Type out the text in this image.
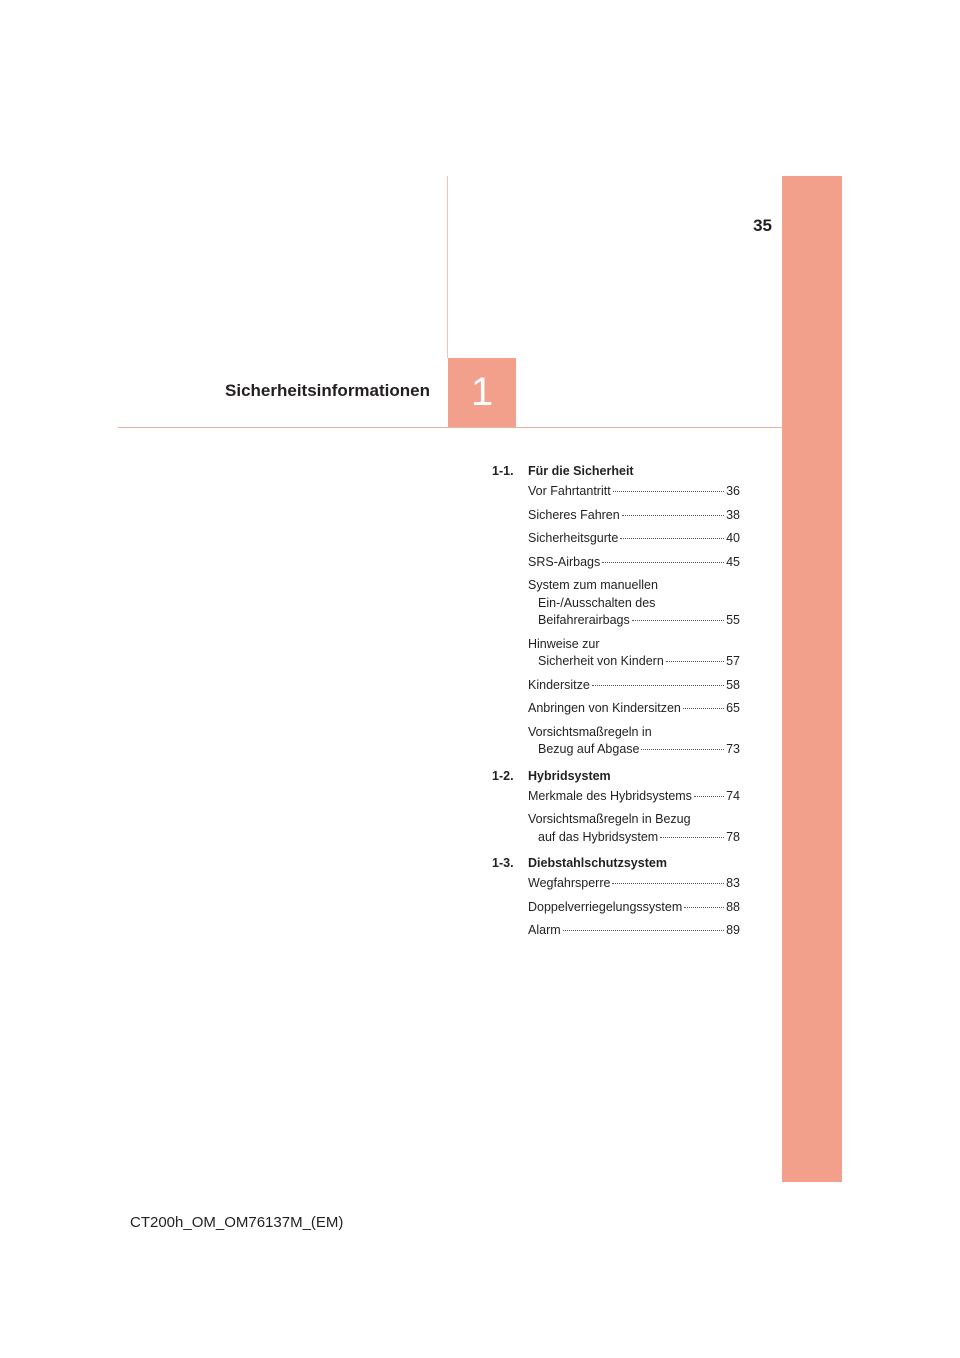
35
Sicherheitsinformationen	1
1-1. Für die Sicherheit
Vor Fahrtantritt	36
Sicheres Fahren	38
Sicherheitsgurte	40
SRS-Airbags	45
System zum manuellen
Ein-/Ausschalten des
Beifahrerairbags	55
Hinweise zur
Sicherheit von Kindern	57
Kindersitze	58
Anbringen von Kindersitzen	65
Vorsichtsmaßregeln in
Bezug auf Abgase	73
1-2. Hybridsystem
Merkmale des Hybridsystems	74
Vorsichtsmaßregeln in Bezug
auf das Hybridsystem	78
1-3. Diebstahlschutzsystem
Wegfahrsperre	83
Doppelverriegelungssystem	88
Alarm	89
CT200h_OM_OM76137M_(EM)
